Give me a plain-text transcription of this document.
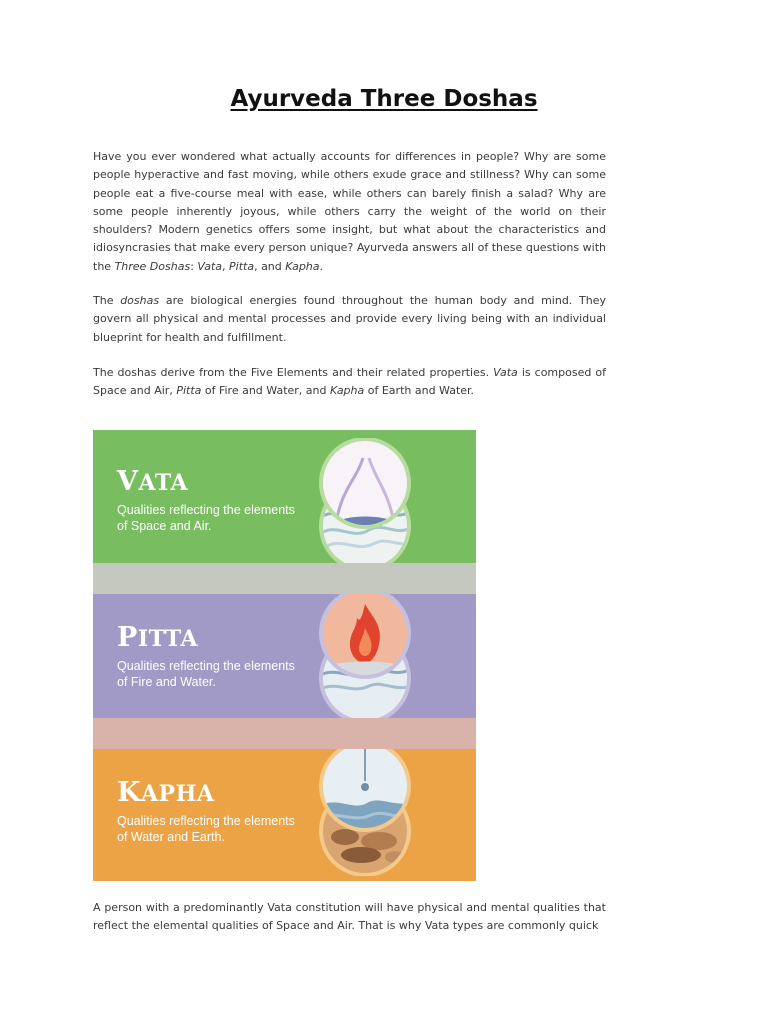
Ayurveda Three Doshas

Have you ever wondered what actually accounts for differences in people? Why are some people hyperactive and fast moving, while others exude grace and stillness? Why can some people eat a five-course meal with ease, while others can barely finish a salad? Why are some people inherently joyous, while others carry the weight of the world on their shoulders? Modern genetics offers some insight, but what about the characteristics and idiosyncrasies that make every person unique? Ayurveda answers all of these questions with the Three Doshas: Vata, Pitta, and Kapha.

The doshas are biological energies found throughout the human body and mind. They govern all physical and mental processes and provide every living being with an individual blueprint for health and fulfillment.

The doshas derive from the Five Elements and their related properties. Vata is composed of Space and Air, Pitta of Fire and Water, and Kapha of Earth and Water.

VATA

Qualities reflecting the elements of Space and Air.

PITTA

Qualities reflecting the elements of Fire and Water.

KAPHA

Qualities reflecting the elements of Water and Earth.

A person with a predominantly Vata constitution will have physical and mental qualities that reflect the elemental qualities of Space and Air. That is why Vata types are commonly quick
